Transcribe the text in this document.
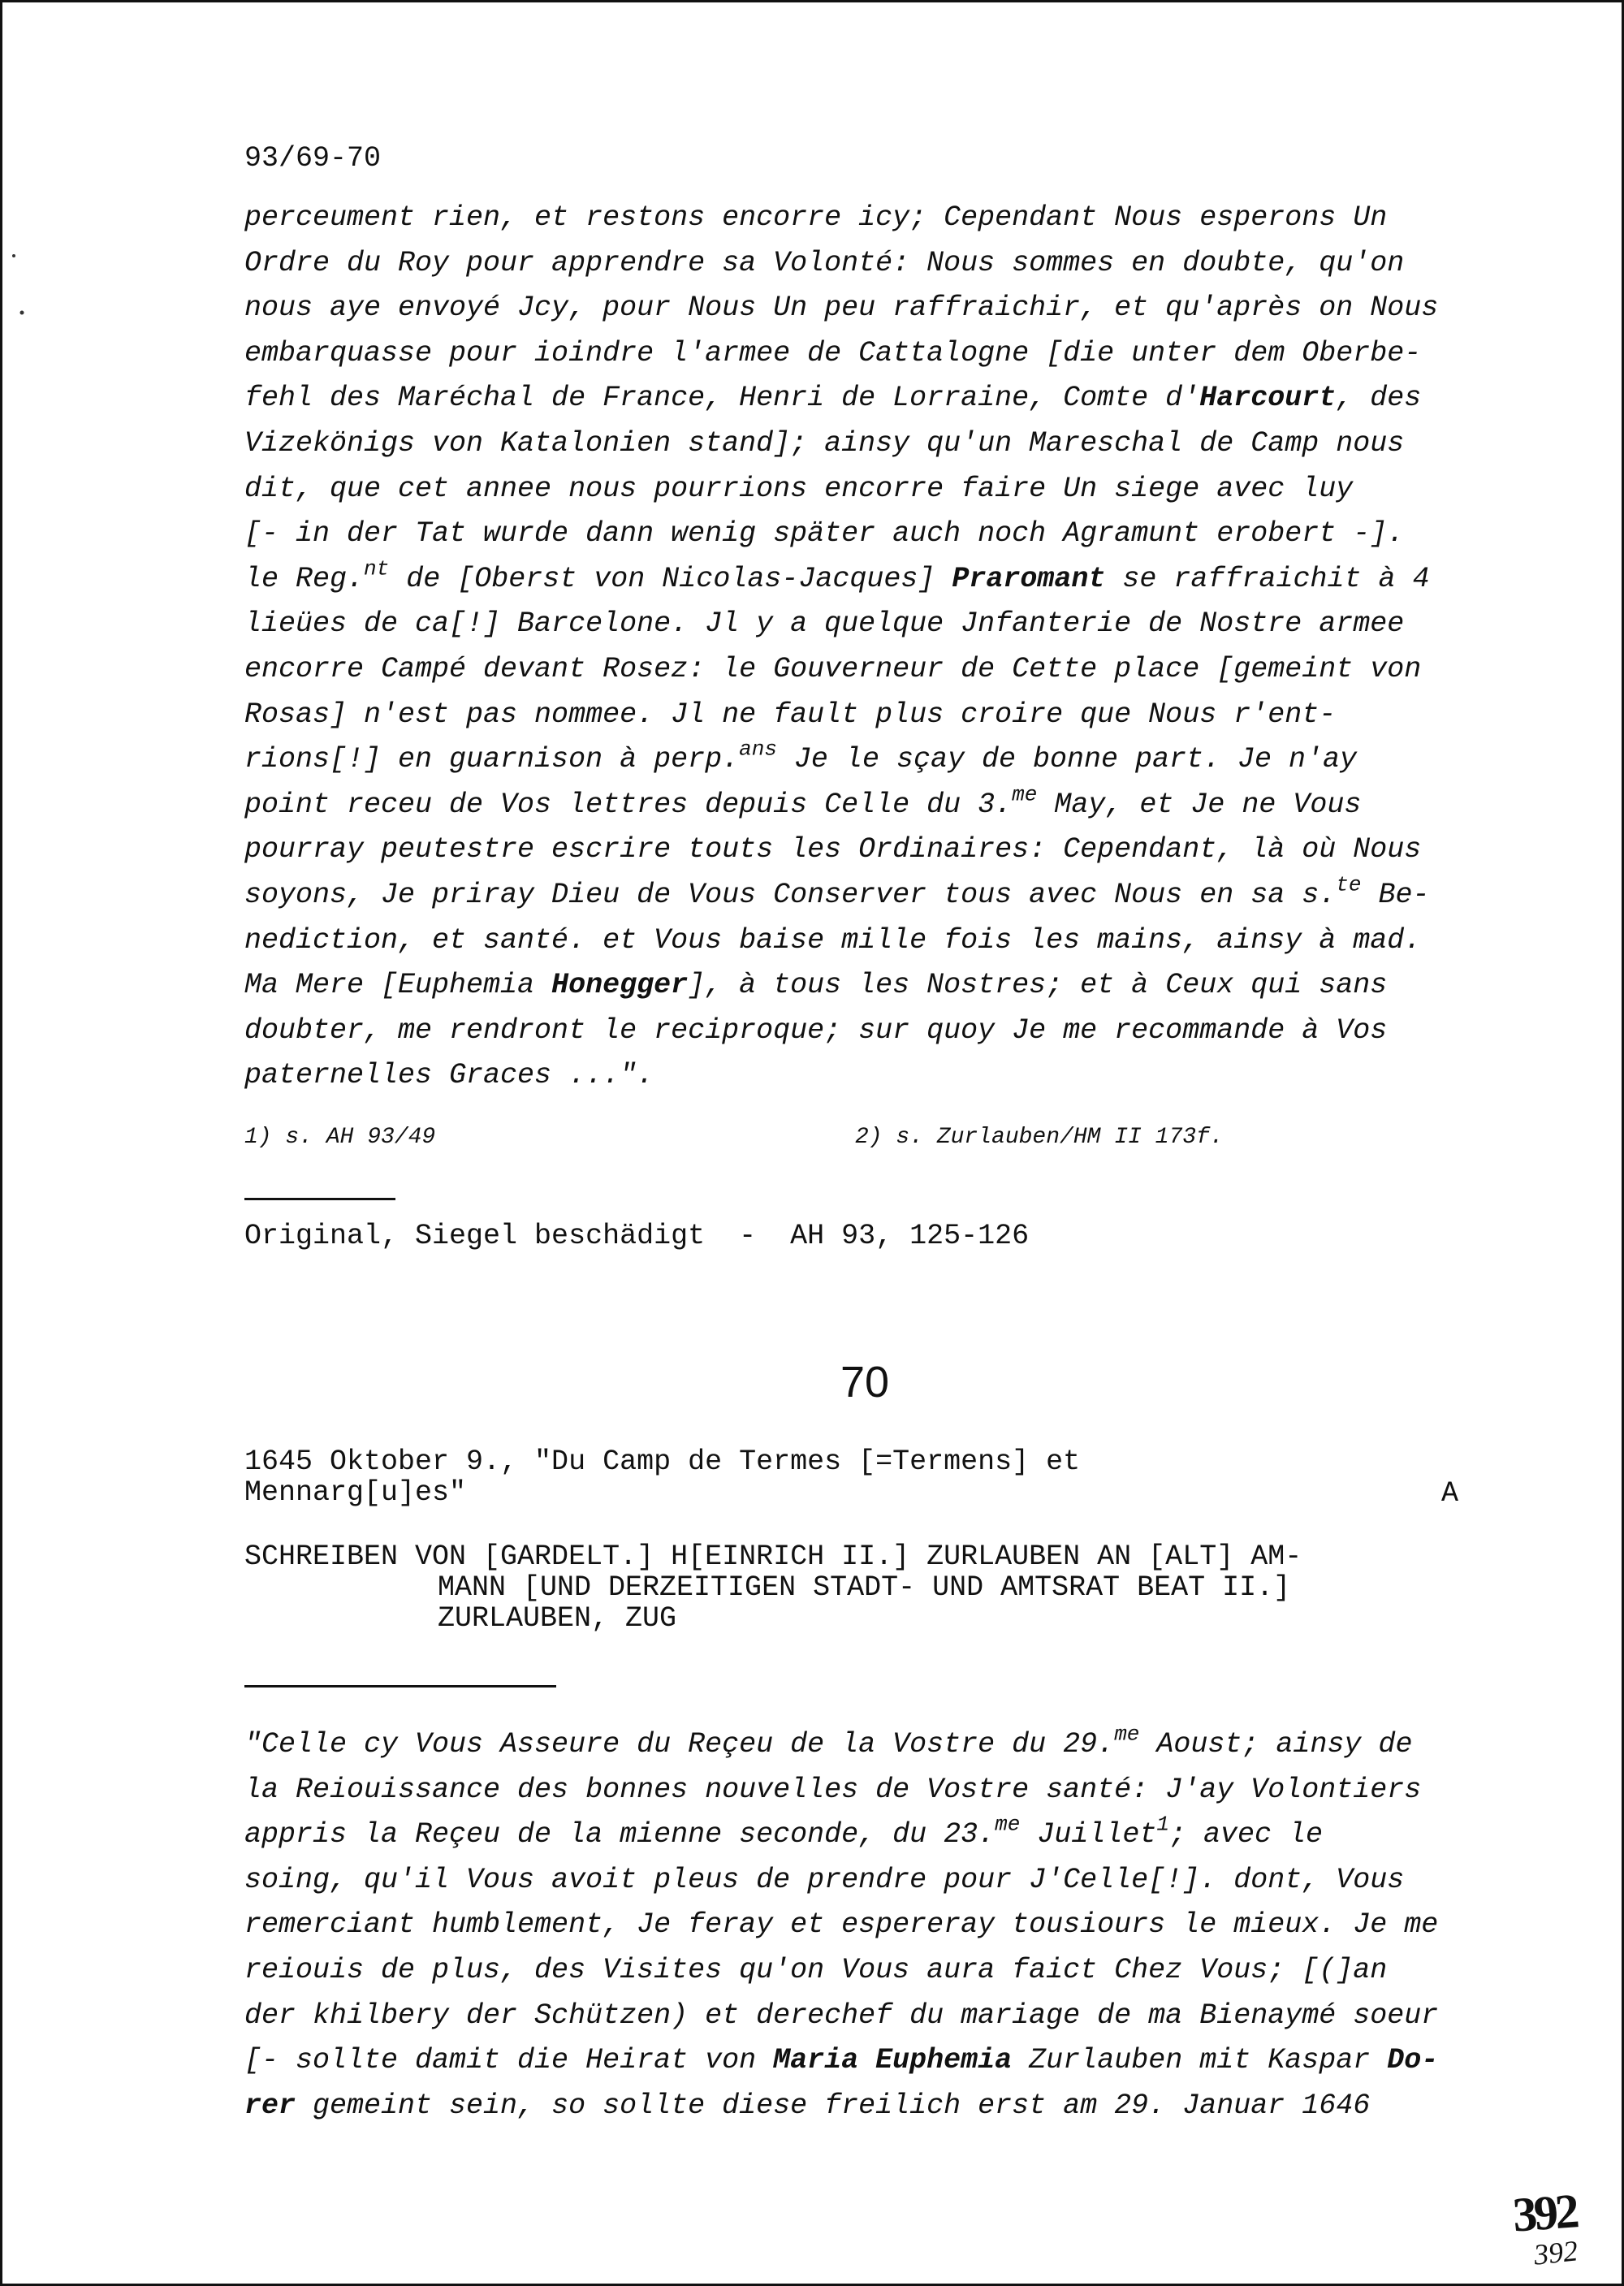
93/69-70

perceument rien, et restons encorre icy; Cependant Nous esperons Un

Ordre du Roy pour apprendre sa Volonté: Nous sommes en doubte, qu'on

nous aye envoyé Jcy, pour Nous Un peu raffraichir, et qu'après on Nous

embarquasse pour ioindre l'armee de Cattalogne [die unter dem Oberbe-

fehl des Maréchal de France, Henri de Lorraine, Comte d'Harcourt, des

Vizekönigs von Katalonien stand]; ainsy qu'un Mareschal de Camp nous

dit, que cet annee nous pourrions encorre faire Un siege avec luy

[- in der Tat wurde dann wenig später auch noch Agramunt erobert -].

le Reg.$^{nt}$ de [Oberst von Nicolas-Jacques] Praromant se raffraichit à 4

lieües de ca[!] Barcelone. Jl y a quelque Jnfanterie de Nostre armee

encorre Campé devant Rosez: le Gouverneur de Cette place [gemeint von

Rosas] n'est pas nommee. Jl ne fault plus croire que Nous r'ent-

rions[!] en guarnison à perp.$^{ans}$ Je le sçay de bonne part. Je n'ay

point receu de Vos lettres depuis Celle du 3.$^{me}$ May, et Je ne Vous

pourray peutestre escrire touts les Ordinaires: Cependant, là où Nous

soyons, Je priray Dieu de Vous Conserver tous avec Nous en sa s.$^{te}$ Be-

nediction, et santé. et Vous baise mille fois les mains, ainsy à mad.

Ma Mere [Euphemia Honegger], à tous les Nostres; et à Ceux qui sans

doubter, me rendront le reciproque; sur quoy Je me recommande à Vos

paternelles Graces ...".

1) s. AH 93/49	2) s. Zurlauben/HM II 173f.
Original, Siegel beschädigt  -  AH 93, 125-126
70

1645 Oktober 9., "Du Camp de Termes [=Termens] et

Mennarg[u]es"	A

SCHREIBEN VON [GARDELT.] H[EINRICH II.] ZURLAUBEN AN [ALT] AM-

MANN [UND DERZEITIGEN STADT- UND AMTSRAT BEAT II.]

ZURLAUBEN, ZUG

"Celle cy Vous Asseure du Reçeu de la Vostre du 29.$^{me}$ Aoust; ainsy de

la Reiouissance des bonnes nouvelles de Vostre santé: J'ay Volontiers

appris la Reçeu de la mienne seconde, du 23.$^{me}$ Juillet$^1$; avec le

soing, qu'il Vous avoit pleus de prendre pour J'Celle[!]. dont, Vous

remerciant humblement, Je feray et espereray tousiours le mieux. Je me

reiouis de plus, des Visites qu'on Vous aura faict Chez Vous; [(]an

der khilbery der Schützen) et derechef du mariage de ma Bienaymé soeur

[- sollte damit die Heirat von Maria Euphemia Zurlauben mit Kaspar Do-

rer gemeint sein, so sollte diese freilich erst am 29. Januar 1646

392
392
